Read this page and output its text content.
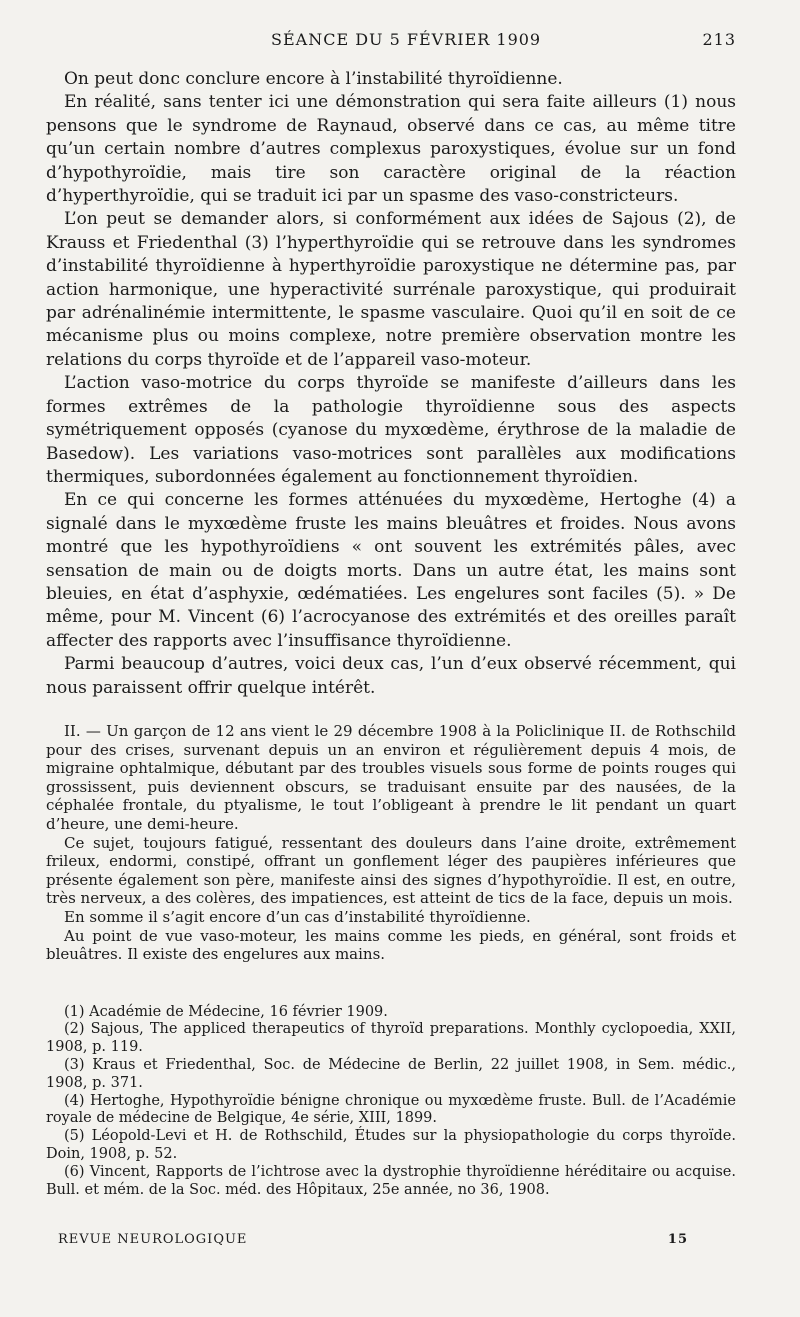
SÉANCE DU 5 FÉVRIER 1909	213

On peut donc conclure encore à l’instabilité thyroïdienne.

En réalité, sans tenter ici une démonstration qui sera faite ailleurs (1) nous pensons que le syndrome de Raynaud, observé dans ce cas, au même titre qu’un certain nombre d’autres complexus paroxystiques, évolue sur un fond d’hypothyroïdie, mais tire son caractère original de la réaction d’hyperthyroïdie, qui se traduit ici par un spasme des vaso-constricteurs.

L’on peut se demander alors, si conformément aux idées de Sajous (2), de Krauss et Friedenthal (3) l’hyperthyroïdie qui se retrouve dans les syndromes d’instabilité thyroïdienne à hyperthyroïdie paroxystique ne détermine pas, par action harmonique, une hyperactivité surrénale paroxystique, qui produirait par adrénalinémie intermittente, le spasme vasculaire. Quoi qu’il en soit de ce mécanisme plus ou moins complexe, notre première observation montre les relations du corps thyroïde et de l’appareil vaso-moteur.

L’action vaso-motrice du corps thyroïde se manifeste d’ailleurs dans les formes extrêmes de la pathologie thyroïdienne sous des aspects symétriquement opposés (cyanose du myxœdème, érythrose de la maladie de Basedow). Les variations vaso-motrices sont parallèles aux modifications thermiques, subordonnées également au fonctionnement thyroïdien.

En ce qui concerne les formes atténuées du myxœdème, Hertoghe (4) a signalé dans le myxœdème fruste les mains bleuâtres et froides. Nous avons montré que les hypothyroïdiens « ont souvent les extrémités pâles, avec sensation de main ou de doigts morts. Dans un autre état, les mains sont bleuies, en état d’asphyxie, œdématiées. Les engelures sont faciles (5). » De même, pour M. Vincent (6) l’acrocyanose des extrémités et des oreilles paraît affecter des rapports avec l’insuffisance thyroïdienne.

Parmi beaucoup d’autres, voici deux cas, l’un d’eux observé récemment, qui nous paraissent offrir quelque intérêt.

II. — Un garçon de 12 ans vient le 29 décembre 1908 à la Policlinique II. de Rothschild pour des crises, survenant depuis un an environ et régulièrement depuis 4 mois, de migraine ophtalmique, débutant par des troubles visuels sous forme de points rouges qui grossissent, puis deviennent obscurs, se traduisant ensuite par des nausées, de la céphalée frontale, du ptyalisme, le tout l’obligeant à prendre le lit pendant un quart d’heure, une demi-heure.

Ce sujet, toujours fatigué, ressentant des douleurs dans l’aine droite, extrêmement frileux, endormi, constipé, offrant un gonflement léger des paupières inférieures que présente également son père, manifeste ainsi des signes d’hypothyroïdie. Il est, en outre, très nerveux, a des colères, des impatiences, est atteint de tics de la face, depuis un mois.

En somme il s’agit encore d’un cas d’instabilité thyroïdienne.

Au point de vue vaso-moteur, les mains comme les pieds, en général, sont froids et bleuâtres. Il existe des engelures aux mains.

(1) Académie de Médecine, 16 février 1909.

(2) Sajous, The appliced therapeutics of thyroïd preparations. Monthly cyclopoedia, XXII, 1908, p. 119.

(3) Kraus et Friedenthal, Soc. de Médecine de Berlin, 22 juillet 1908, in Sem. médic., 1908, p. 371.

(4) Hertoghe, Hypothyroïdie bénigne chronique ou myxœdème fruste. Bull. de l’Académie royale de médecine de Belgique, 4e série, XIII, 1899.

(5) Léopold-Levi et H. de Rothschild, Études sur la physiopathologie du corps thyroïde. Doin, 1908, p. 52.

(6) Vincent, Rapports de l’ichtrose avec la dystrophie thyroïdienne héréditaire ou acquise. Bull. et mém. de la Soc. méd. des Hôpitaux, 25e année, no 36, 1908.

REVUE NEUROLOGIQUE	15
